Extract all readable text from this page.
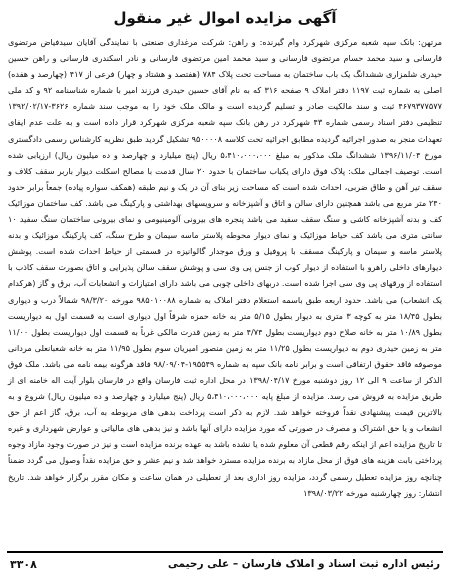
آگهی مزایده اموال غیر منقول

مرتهن: بانک سپه شعبه مرکزی شهرکرد وام گیرنده: و راهن: شرکت مرغداری صنعتی با نمایندگی آقایان سیدفیاض مرتضوی فارسانی و سید محمد حسام مرتضوی فارسانی و سید محمد امین مرتضوی فارسانی و نادر اسکندری فارسانی و راهن حسین حیدری شلمزاری ششدانگ یک باب ساختمان به مساحت تحت پلاک ۷۸۴ (هفتصد و هشتاد و چهار) فرعی از ۴۱۷ (چهارصد و هفده) اصلی به شماره ثبت ۱۱۹۷ دفتر املاک ۹ صفحه ۳۱۶ که به نام آقای حسین حیدری فرزند امیر با شماره شناسنامه ۹۲ و کد ملی ۴۶۷۹۳۷۷۵۷۷ ثبت و سند مالکیت صادر و تسلیم گردیده است و مالک ملک خود را به موجب سند شماره ۳۶۲۶-۱۳۹۲/۰۲/۱۷ تنظیمی دفتر اسناد رسمی شماره ۴۳ شهرکرد در رهن بانک سپه شعبه مرکزی شهرکرد قرار داده است و به علت عدم ایفای تعهدات منجر به صدور اجرائیه گردیده مطابق اجرائیه تحت کلاسه ۹۵۰۰۰۰۸ تشکیل گردید طبق نظریه کارشناس رسمی دادگستری مورخ ۱۳۹۶/۱۱/۰۴ ششدانگ ملک مذکور به مبلغ ۵،۴۱۰،۰۰۰،۰۰۰ ریال (پنج میلیارد و چهارصد و ده میلیون ریال) ارزیابی شده است. توصیف اجمالی ملک: پلاک فوق دارای یکباب ساختمان با حدود ۲۰ سال قدمت با مصالح اسکلت دیوار باربر سقف کلاف و سقف تیر آهن و طاق ضربی، احداث شده است که مساحت زیر بنای آن در یک و نیم طبقه (همکف سواره پیاده) جمعاً برابر حدود ۲۴۰ متر مربع می باشد همچنین دارای سالن و اتاق و آشپزخانه و سرویسهای بهداشتی و پارکینگ می باشد. کف ساختمان موزائیک کف و بدنه آشپزخانه کاشی و سنگ سقف سفید می باشد پنجره های بیرونی آلومینیومی و نمای بیرونی ساختمان سنگ سفید ۱۰ سانتی متری می باشد کف حیاط موزائیک و نمای دیوار محوطه پلاستر ماسه سیمان و طرح سنگ، کف پارکینگ موزائیک و بدنه پلاستر ماسه و سیمان و پارکینگ مسقف با پروفیل و ورق موجدار گالوانیزه در قسمتی از حیاط احداث شده است. پوشش دیوارهای داخلی راهرو با استفاده از دیوار کوب از جنس پی وی سی و پوشش سقف سالن پذیرایی و اتاق بصورت سقف کاذب با استفاده از ورقهای پی وی سی اجرا شده است. دربهای داخلی چوبی می باشد دارای امتیازات و انشعابات آب، برق و گاز (هرکدام یک انشعاب) می باشد. حدود اربعه طبق باسمه استعلام دفتر املاک به شماره ۹۸۵۰۱۰۰۸۸ مورخه ۹۸/۳/۲۰ شمالاً درب و دیواری بطول ۱۸/۴۵ متر به کوچه ۳ متری به دیوار بطول ۵/۱۵ متر به خانه حمزه شرقاً اول دیواری است به قسمت اول به دیواریست بطول ۱۰/۸۹ متر به خانه صلاح دوم دیواریست بطول ۴/۷۴ متر به زمین قدرت مالکی غرباً به قسمت اول دیواریست بطول ۱۱/۰۰ متر به زمین حیدری دوم به دیواریست بطول ۱۱/۲۵ متر به زمین منصور امیریان سوم بطول ۱۱/۹۵ متر به خانه شعبانعلی مردانی موصوفه فاقد حقوق ارتفاقی است و برابر نامه بانک سپه به شماره ۱۹۵۵۴۹-۹۸/۰۹/۰۴ فاقد هرگونه بیمه نامه می باشد. ملک فوق الذکر از ساعت ۹ الی ۱۲ روز دوشنبه مورخ ۱۳۹۸/۰۴/۱۷ در محل اداره ثبت فارسان واقع در فارسان بلوار آیت اله خامنه ای از طریق مزایده به فروش می رسد. مزایده از مبلغ پایه ۵،۴۱۰،۰۰۰،۰۰۰ ریال (پنج میلیارد و چهارصد و ده میلیون ریال) شروع و به بالاترین قیمت پیشنهادی نقداً فروخته خواهد شد. لازم به ذکر است پرداخت بدهی های مربوطه به آب، برق، گاز اعم از حق انشعاب و یا حق اشتراک و مصرف در صورتی که مورد مزایده دارای آنها باشد و نیز بدهی های مالیاتی و عوارض شهرداری و غیره تا تاریخ مزایده اعم از اینکه رقم قطعی آن معلوم شده یا نشده باشد به عهده برنده مزایده است و نیز در صورت وجود مازاد وجوه پرداختی بابت هزینه های فوق از محل مازاد به برنده مزایده مسترد خواهد شد و نیم عشر و حق مزایده نقداً وصول می گردد ضمناً چنانچه روز مزایده تعطیل رسمی گردد، مزایده روز اداری بعد از تعطیلی در همان ساعت و مکان مقرر برگزار خواهد شد. تاریخ انتشار: روز چهارشنبه مورخه ۱۳۹۸/۰۳/۲۲

رئیس اداره ثبت اسناد و املاک فارسان – علی رحیمی
۳۳۰۸
